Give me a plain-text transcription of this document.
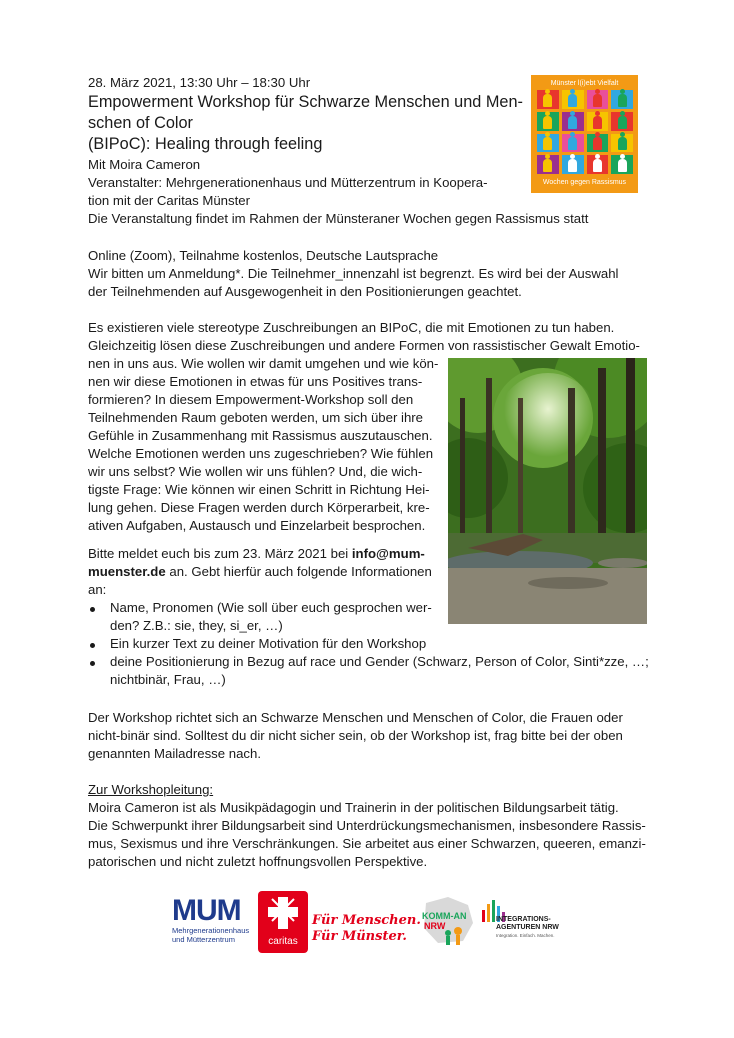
28. März 2021, 13:30 Uhr – 18:30 Uhr
Empowerment Workshop für Schwarze Menschen und Men-
schen of Color
(BIPoC): Healing through feeling
Mit Moira Cameron
Veranstalter: Mehrgenerationenhaus und Mütterzentrum in Koopera-
tion mit der Caritas Münster
Die Veranstaltung findet im Rahmen der Münsteraner Wochen gegen Rassismus statt
Münster l(i)ebt Vielfalt
Wochen gegen Rassismus
Online (Zoom), Teilnahme kostenlos, Deutsche Lautsprache
Wir bitten um Anmeldung*. Die Teilnehmer_innenzahl ist begrenzt. Es wird bei der Auswahl
der Teilnehmenden auf Ausgewogenheit in den Positionierungen geachtet.
Es existieren viele stereotype Zuschreibungen an BIPoC, die mit Emotionen zu tun haben.
Gleichzeitig lösen diese Zuschreibungen und andere Formen von rassistischer Gewalt Emotio-
nen in uns aus. Wie wollen wir damit umgehen und wie kön-
nen wir diese Emotionen in etwas für uns Positives trans-
formieren? In diesem Empowerment-Workshop soll den
Teilnehmenden Raum geboten werden, um sich über ihre
Gefühle in Zusammenhang mit Rassismus auszutauschen.
Welche Emotionen werden uns zugeschrieben? Wie fühlen
wir uns selbst? Wie wollen wir uns fühlen? Und, die wich-
tigste Frage: Wie können wir einen Schritt in Richtung Hei-
lung gehen. Diese Fragen werden durch Körperarbeit, kre-
ativen Aufgaben, Austausch und Einzelarbeit besprochen.
Bitte meldet euch bis zum 23. März 2021 bei info@mum-
muenster.de an. Gebt hierfür auch folgende Informationen
an:
Name, Pronomen (Wie soll über euch gesprochen wer-
den? Z.B.: sie, they, si_er, …)
Ein kurzer Text zu deiner Motivation für den Workshop
deine Positionierung in Bezug auf race und Gender (Schwarz, Person of Color, Sinti*zze, …;
nichtbinär, Frau, …)
Der Workshop richtet sich an Schwarze Menschen und Menschen of Color, die Frauen oder
nicht-binär sind. Solltest du dir nicht sicher sein, ob der Workshop ist, frag bitte bei der oben
genannten Mailadresse nach.
Zur Workshopleitung:
Moira Cameron ist als Musikpädagogin und Trainerin in der politischen Bildungsarbeit tätig.
Die Schwerpunkt ihrer Bildungsarbeit sind Unterdrückungsmechanismen, insbesondere Rassis-
mus, Sexismus und ihre Verschränkungen. Sie arbeitet aus einer Schwarzen, queeren, emanzi-
patorischen und nicht zuletzt hoffnungsvollen Perspektive.
MUM
Mehrgenerationenhaus
und Mütterzentrum	caritas
Für Menschen.
Für Münster.
KOMM-AN
NRW
INTEGRATIONS-
AGENTUREN NRW
Integration. Einfach. Machen.
